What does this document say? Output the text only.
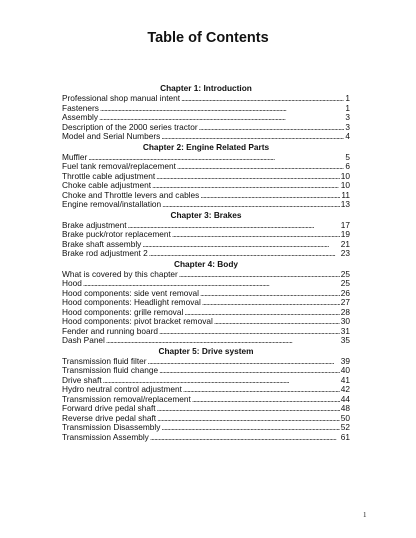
Table of Contents
Chapter 1: Introduction
Professional shop manual intent . . .	1
Fasteners . . .	1
Assembly . . .	3
Description of the 2000 series tractor . . .	3
Model and Serial Numbers . . .	4
Chapter 2: Engine Related Parts
Muffler . . .	5
Fuel tank removal/replacement . . .	6
Throttle cable adjustment . . .	10
Choke cable adjustment . . .	10
Choke and Throttle levers and cables . . .	11
Engine removal/installation . . .	13
Chapter 3: Brakes
Brake adjustment . . .	17
Brake puck/rotor replacement . . .	19
Brake shaft assembly . . .	21
Brake rod adjustment 2 . . .	23
Chapter 4: Body
What is covered by this chapter . . .	25
Hood . . .	25
Hood components: side vent removal . . .	26
Hood components: Headlight removal . . .	27
Hood components: grille removal . . .	28
Hood components: pivot bracket removal . . .	30
Fender and running board . . .	31
Dash Panel . . .	35
Chapter 5: Drive system
Transmission fluid filter . . .	39
Transmission fluid change . . .	40
Drive shaft . . .	41
Hydro neutral control adjustment . . .	42
Transmission removal/replacement . . .	44
Forward drive pedal shaft . . .	48
Reverse drive pedal shaft . . .	50
Transmission Disassembly . . .	52
Transmission Assembly . . .	61
1
